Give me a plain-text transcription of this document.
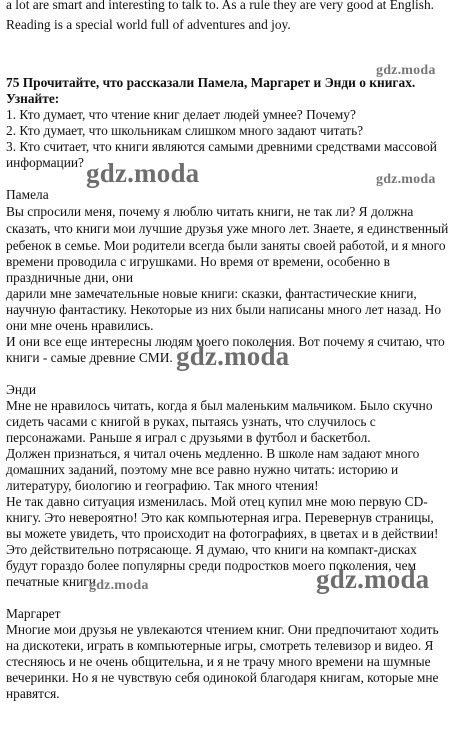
a lot are smart and interesting to talk to. As a rule they are very good at English.
Reading is a special world full of adventures and joy.
75 Прочитайте, что рассказали Памела, Маргарет и Энди о книгах.
Узнайте:
1. Кто думает, что чтение книг делает людей умнее? Почему?
2. Кто думает, что школьникам слишком много задают читать?
3. Кто считает, что книги являются самыми древними средствами массовой
информации?
Памела
Вы спросили меня, почему я люблю читать книги, не так ли? Я должна
сказать, что книги мои лучшие друзья уже много лет. Знаете, я единственный
ребенок в семье. Мои родители всегда были заняты своей работой, и я много
времени проводила с игрушками. Но время от времени, особенно в
праздничные дни, они
дарили мне замечательные новые книги: сказки, фантастические книги,
научную фантастику. Некоторые из них были написаны много лет назад. Но
они мне очень нравились.
И они все еще интересны людям моего поколения. Вот почему я считаю, что
книги - самые древние СМИ.
Энди
Мне не нравилось читать, когда я был маленьким мальчиком. Было скучно
сидеть часами с книгой в руках, пытаясь узнать, что случилось с
персонажами. Раньше я играл с друзьями в футбол и баскетбол.
Должен признаться, я читал очень медленно. В школе нам задают много
домашних заданий, поэтому мне все равно нужно читать: историю и
литературу, биологию и географию. Так много чтения!
Не так давно ситуация изменилась. Мой отец купил мне мою первую CD-
книгу. Это невероятно! Это как компьютерная игра. Перевернув страницы,
вы можете увидеть, что происходит на фотографиях, в цветах и в действии!
Это действительно потрясающе. Я думаю, что книги на компакт-дисках
будут гораздо более популярны среди подростков моего поколения, чем
печатные книги.
Маргарет
Многие мои друзья не увлекаются чтением книг. Они предпочитают ходить
на дискотеки, играть в компьютерные игры, смотреть телевизор и видео. Я
стесняюсь и не очень общительна, и я не трачу много времени на шумные
вечеринки. Но я не чувствую себя одинокой благодаря книгам, которые мне
нравятся.
gdz.moda
gdz.moda	gdz.moda
gdz.moda
gdz.moda	gdz.moda
